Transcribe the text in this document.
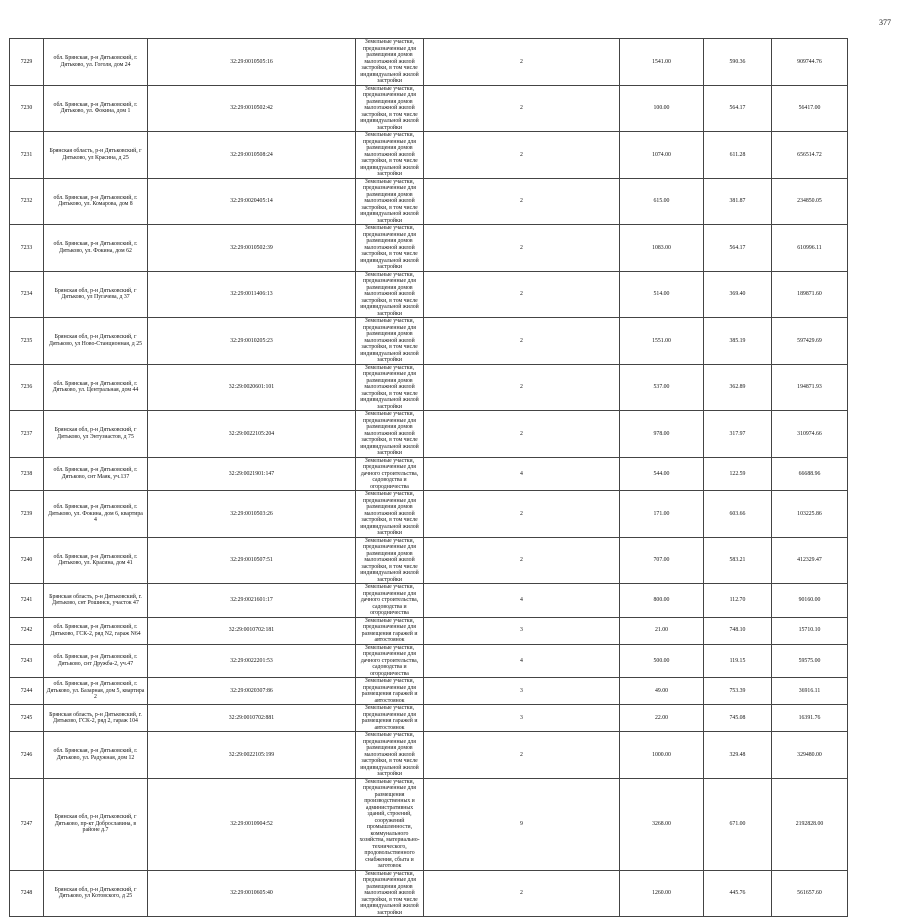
377
7229	обл. Брянская, р-н Дятьковский, г. Дятьково, ул. Гоголя, дом 24	32:29:0010505:16	Земельные участки, предназначенные для размещения домов малоэтажной жилой застройки, в том числе индивидуальной жилой застройки	2	1541.00	590.36	909744.76
7230	обл. Брянская, р-н Дятьковский, г. Дятьково, ул. Фокина, дом 1	32:29:0010502:42	Земельные участки, предназначенные для размещения домов малоэтажной жилой застройки, в том числе индивидуальной жилой застройки	2	100.00	564.17	56417.00
7231	Брянская область, р-н Дятьковский, г Дятьково, ул Красина, д 25	32:29:0010508:24	Земельные участки, предназначенные для размещения домов малоэтажной жилой застройки, в том числе индивидуальной жилой застройки	2	1074.00	611.28	656514.72
7232	обл. Брянская, р-н Дятьковский, г. Дятьково, ул. Комарова, дом 8	32:29:0020405:14	Земельные участки, предназначенные для размещения домов малоэтажной жилой застройки, в том числе индивидуальной жилой застройки	2	615.00	381.87	234850.05
7233	обл. Брянская, р-н Дятьковский, г. Дятьково, ул. Фокина, дом 62	32:29:0010502:39	Земельные участки, предназначенные для размещения домов малоэтажной жилой застройки, в том числе индивидуальной жилой застройки	2	1083.00	564.17	610996.11
7234	Брянская обл, р-н Дятьковский, г Дятьково, ул Пугачева, д 37	32:29:0011406:13	Земельные участки, предназначенные для размещения домов малоэтажной жилой застройки, в том числе индивидуальной жилой застройки	2	514.00	369.40	189871.60
7235	Брянская обл, р-н Дятьковский, г Дятьково, ул Ново-Станционная, д 25	32:29:0010205:23	Земельные участки, предназначенные для размещения домов малоэтажной жилой застройки, в том числе индивидуальной жилой застройки	2	1551.00	385.19	597429.69
7236	обл. Брянская, р-н Дятьковский, г. Дятьково, ул. Центральная, дом 44	32:29:0020601:101	Земельные участки, предназначенные для размещения домов малоэтажной жилой застройки, в том числе индивидуальной жилой застройки	2	537.00	362.89	194871.93
7237	Брянская обл, р-н Дятьковский, г Дятьково, ул Энтузиастов, д 75	32:29:0022105:204	Земельные участки, предназначенные для размещения домов малоэтажной жилой застройки, в том числе индивидуальной жилой застройки	2	978.00	317.97	310974.66
7238	обл. Брянская, р-н Дятьковский, г. Дятьково, снт Маяк, уч.137	32:29:0021901:147	Земельные участки, предназначенные для дачного строительства, садоводства и огородничества	4	544.00	122.59	66688.96
7239	обл. Брянская, р-н Дятьковский, г. Дятьково, ул. Фокина, дом 6, квартира 4	32:29:0010503:26	Земельные участки, предназначенные для размещения домов малоэтажной жилой застройки, в том числе индивидуальной жилой застройки	2	171.00	603.66	103225.86
7240	обл. Брянская, р-н Дятьковский, г. Дятьково, ул. Красина, дом 41	32:29:0010507:51	Земельные участки, предназначенные для размещения домов малоэтажной жилой застройки, в том числе индивидуальной жилой застройки	2	707.00	583.21	412329.47
7241	Брянская область, р-н Дятьковский, г. Дятьково, снт Рошинск, участок 47	32:29:0021601:17	Земельные участки, предназначенные для дачного строительства, садоводства и огородничества	4	800.00	112.70	90160.00
7242	обл. Брянская, р-н Дятьковский, г. Дятьково, ГСК-2, ряд N2, гараж N64	32:29:0010702:181	Земельные участки, предназначенные для размещения гаражей и автостоянок	3	21.00	748.10	15710.10
7243	обл. Брянская, р-н Дятьковский, г. Дятьково, снт Дружба-2, уч.47	32:29:0022201:53	Земельные участки, предназначенные для дачного строительства, садоводства и огородничества	4	500.00	119.15	59575.00
7244	обл. Брянская, р-н Дятьковский, г. Дятьково, ул. Базарная, дом 5, квартира 2	32:29:0020307:86	Земельные участки, предназначенные для размещения гаражей и автостоянок	3	49.00	753.39	36916.11
7245	Брянская область, р-н Дятьковский, г. Дятьково, ГСК-2, ряд 2, гараж 104	32:29:0010702:881	Земельные участки, предназначенные для размещения гаражей и автостоянок	3	22.00	745.08	16391.76
7246	обл. Брянская, р-н Дятьковский, г. Дятьково, ул. Радужная, дом 12	32:29:0022105:199	Земельные участки, предназначенные для размещения домов малоэтажной жилой застройки, в том числе индивидуальной жилой застройки	2	1000.00	329.48	329480.00
7247	Брянская обл, р-н Дятьковский, г Дятьково, пр-кт Доброславина, в районе д.7	32:29:0010904:52	Земельные участки, предназначенные для размещения производственных и административных зданий, строений, сооружений промышленности, коммунального хозяйства, материально-технического, продовольственного снабжения, сбыта и заготовок	9	3268.00	671.00	2192828.00
7248	Брянская обл, р-н Дятьковский, г Дятьково, ул Котовского, д 25	32:29:0010605:40	Земельные участки, предназначенные для размещения домов малоэтажной жилой застройки, в том числе индивидуальной жилой застройки	2	1260.00	445.76	561657.60
